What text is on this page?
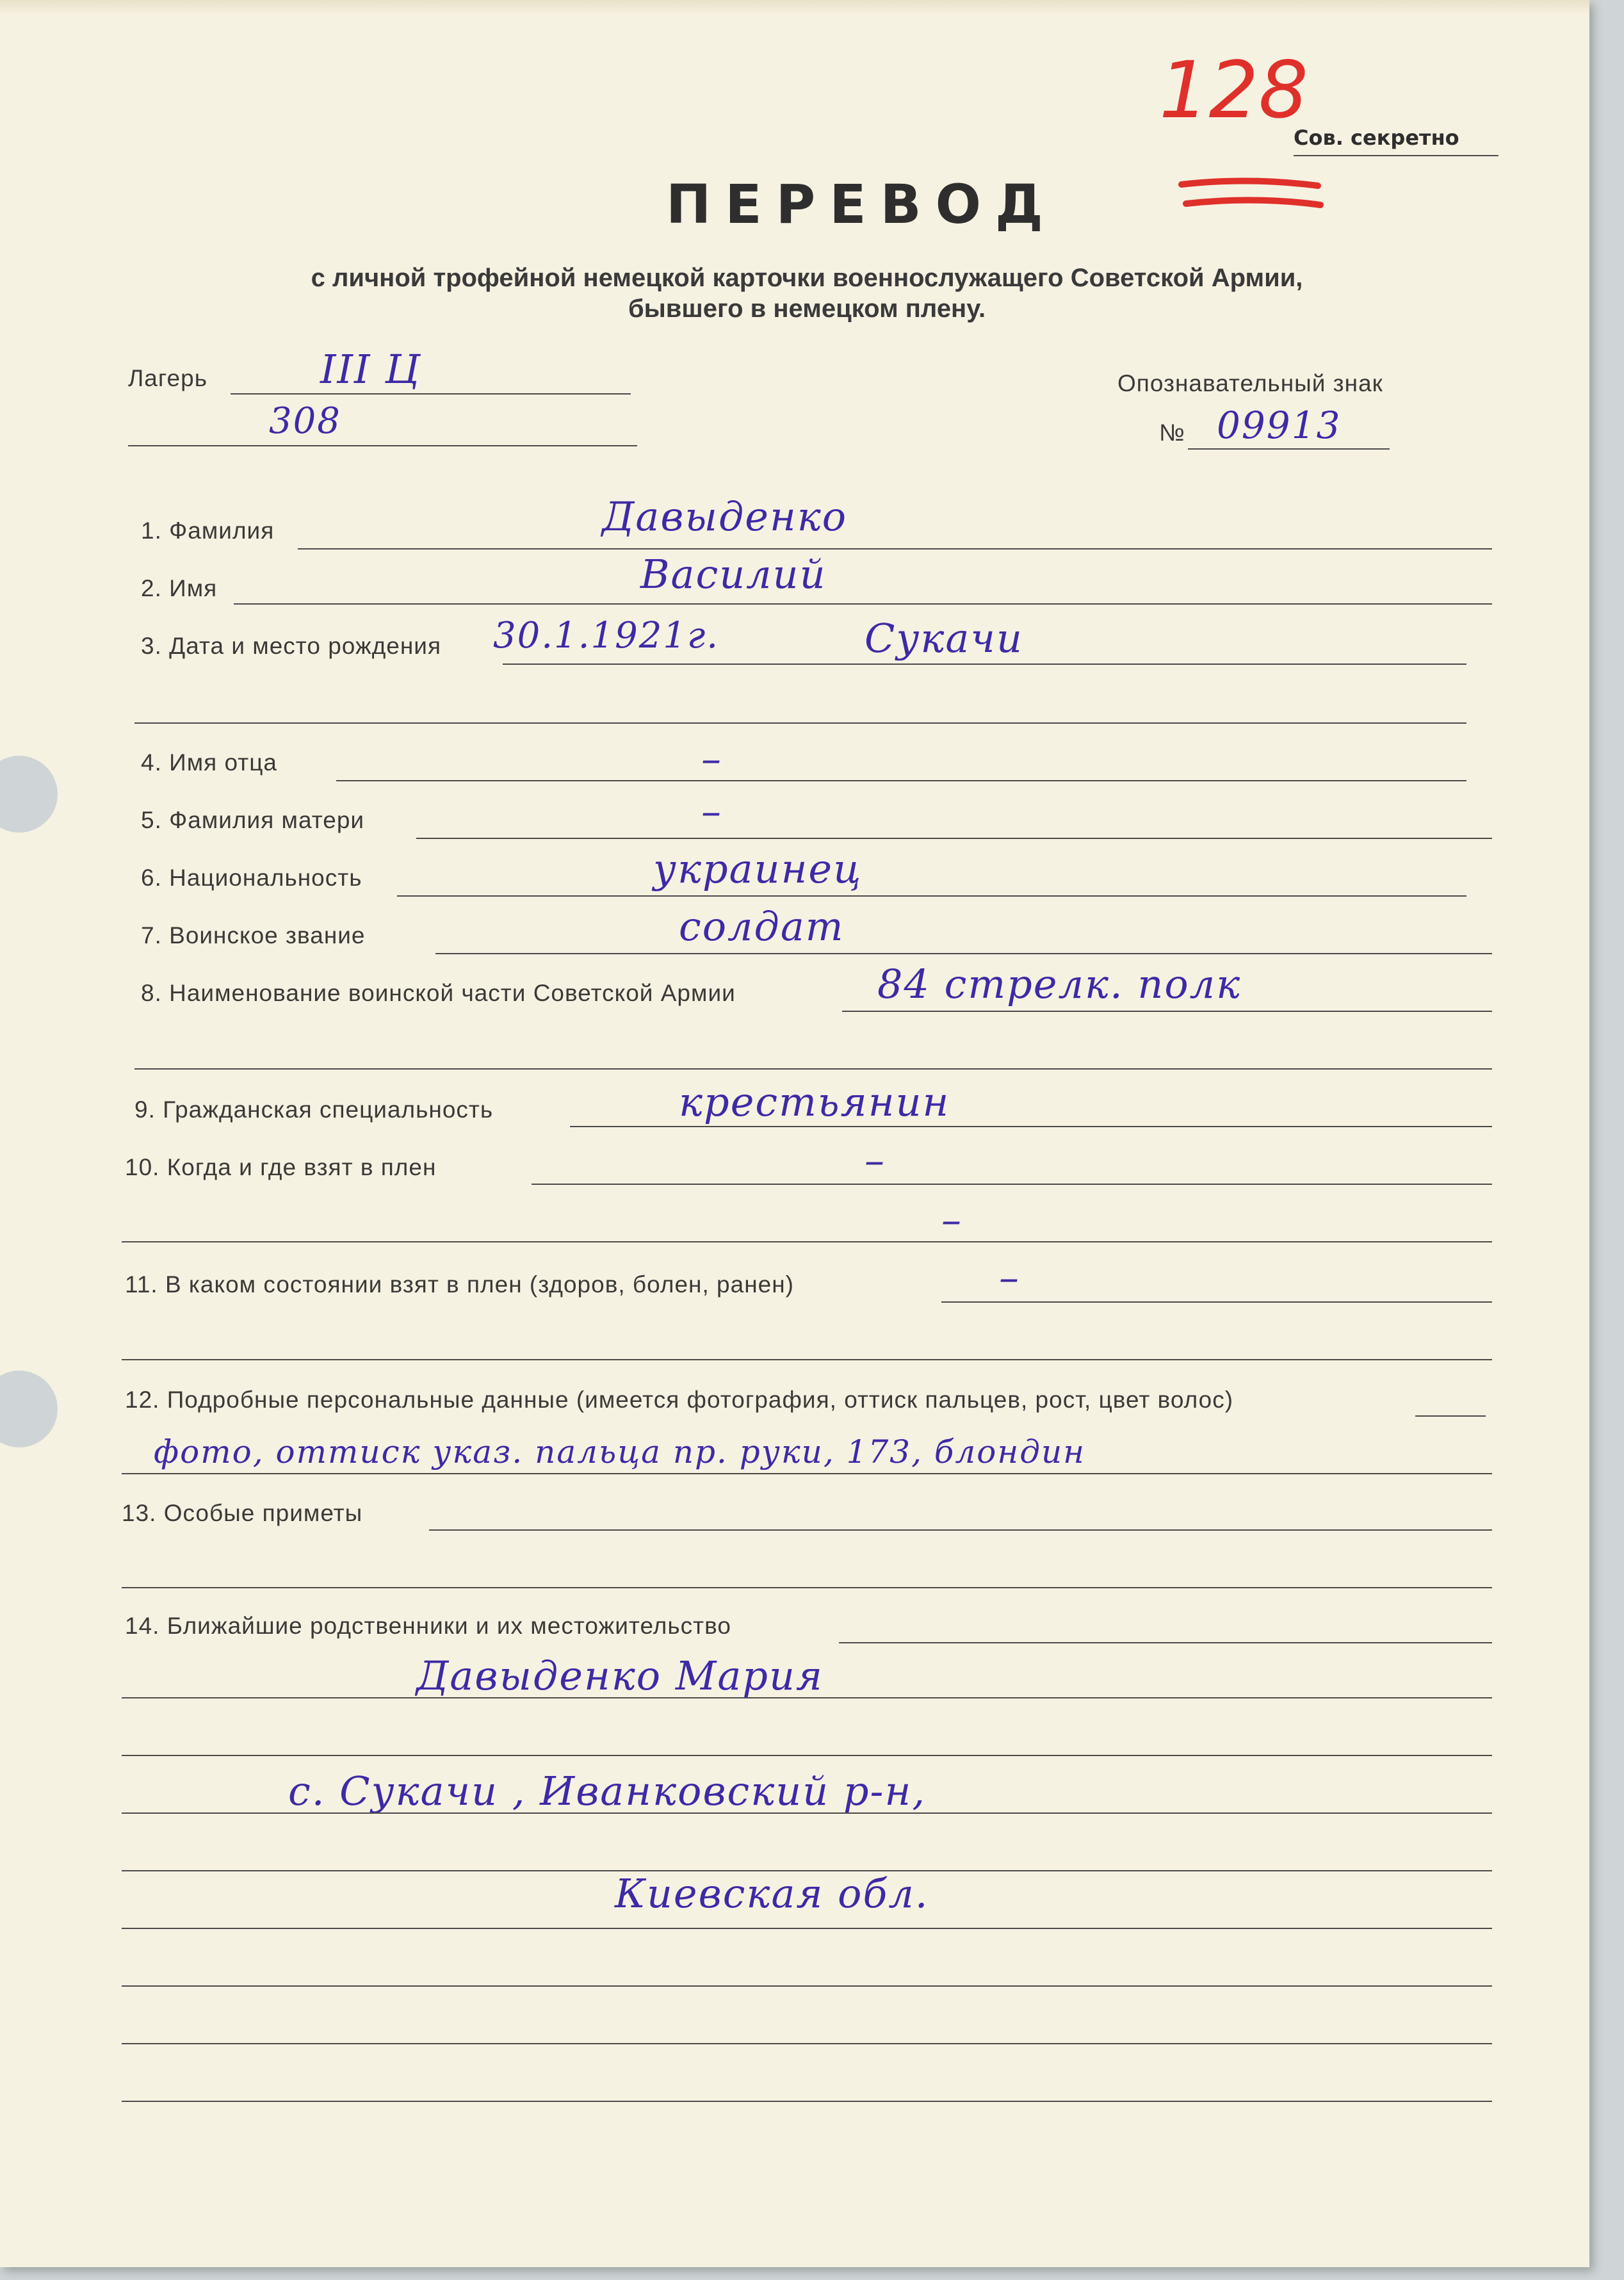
128
Сов. секретно
ПЕРЕВОД
с личной трофейной немецкой карточки военнослужащего Советской Армии,
бывшего в немецком плену.
Лагерь	III Ц
308
Опознавательный знак
№ 09913
1. Фамилия	Давыденко
2. Имя	Василий
3. Дата и место рождения 30.1.1921г.	Сукачи
4. Имя отца	–
5. Фамилия матери	–
6. Национальность	украинец
7. Воинское звание	солдат
8. Наименование воинской части Советской Армии	84 стрелк. полк
9. Гражданская специальность	крестьянин
10. Когда и где взят в плен	–
–
11. В каком состоянии взят в плен (здоров, болен, ранен)	–
12. Подробные персональные данные (имеется фотография, оттиск пальцев, рост, цвет волос)
фото, оттиск указ. пальца пр. руки, 173, блондин
13. Особые приметы
14. Ближайшие родственники и их местожительство
Давыденко Мария
с. Сукачи , Иванковский р-н,
Киевская обл.
